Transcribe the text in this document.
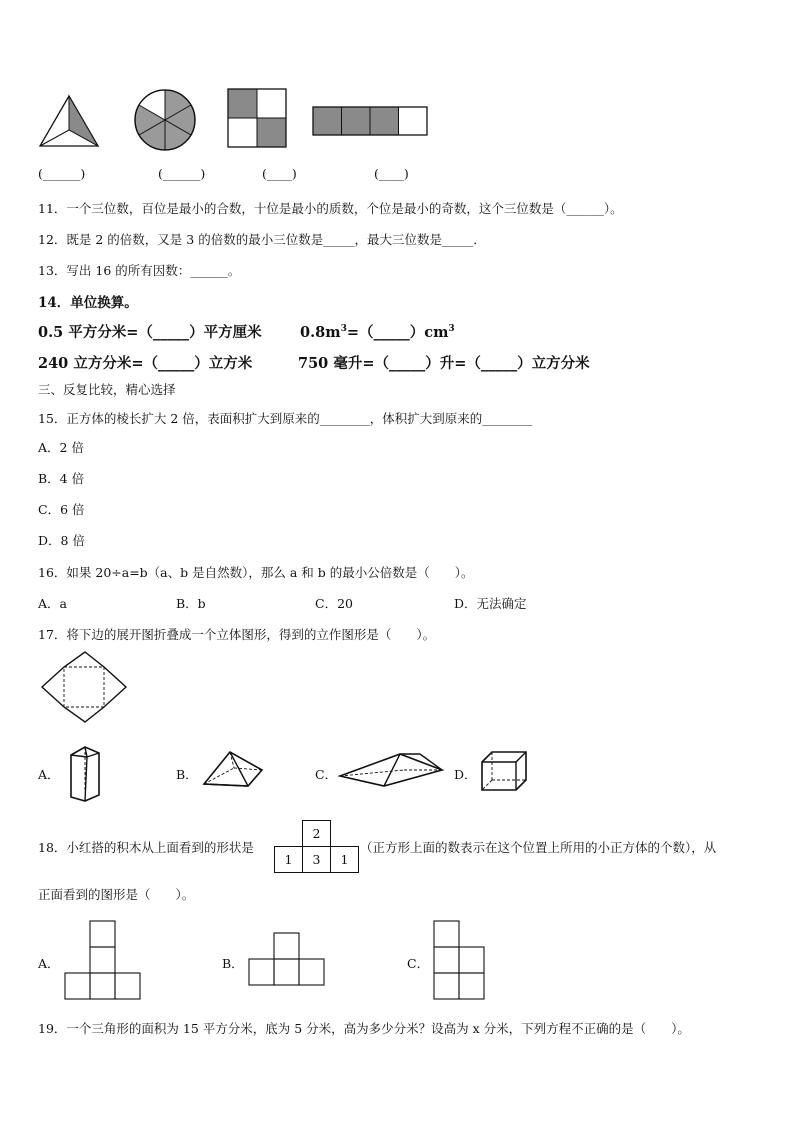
(______)	(______)	(____)	(____)
11．一个三位数，百位是最小的合数，十位是最小的质数，个位是最小的奇数，这个三位数是（______）。
12．既是 2 的倍数，又是 3 的倍数的最小三位数是_____，最大三位数是_____．
13．写出 16 的所有因数：______。
14．单位换算。
0.5 平方分米=（_____）平方厘米	$0.8m^3=(\_\_\_\_\_)cm^3$
240 立方分米=（_____）立方米	750 毫升=（_____）升=（_____）立方分米
三、反复比较，精心选择
15．正方体的棱长扩大 2 倍，表面积扩大到原来的________，体积扩大到原来的________
A．2 倍
B．4 倍
C．6 倍
D．8 倍
16．如果 20÷a=b（a、b 是自然数），那么 a 和 b 的最小公倍数是（　　）。
A．a	B．b	C．20	D．无法确定
17．将下边的展开图折叠成一个立体图形，得到的立作图形是（　　）。
A．	B．	C．	D．
18．小红搭的积木从上面看到的形状是	（正方形上面的数表示在这个位置上所用的小正方体的个数），从
2
1	3	1
正面看到的图形是（　　）。
A．	B．	C．
19．一个三角形的面积为 15 平方分米，底为 5 分米，高为多少分米？设高为 x 分米，下列方程不正确的是（　　）。
